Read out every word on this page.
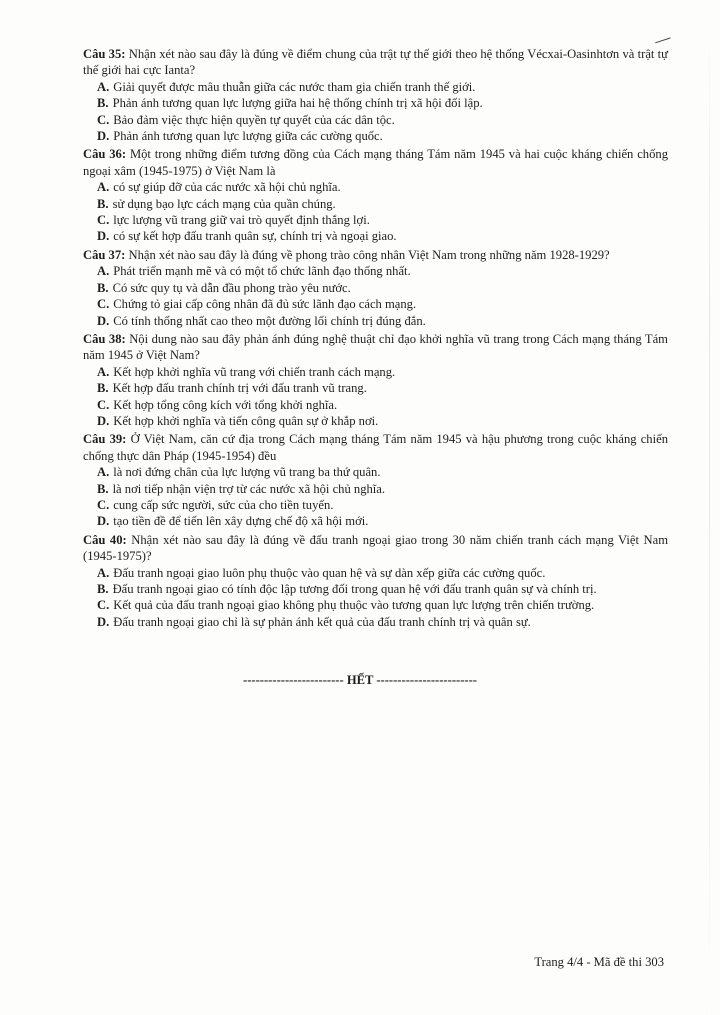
Câu 35: Nhận xét nào sau đây là đúng về điểm chung của trật tự thế giới theo hệ thống Vécxai-Oasinhtơn và trật tự thế giới hai cực Ianta?

A. Giải quyết được mâu thuẫn giữa các nước tham gia chiến tranh thế giới.

B. Phản ánh tương quan lực lượng giữa hai hệ thống chính trị xã hội đối lập.

C. Bảo đảm việc thực hiện quyền tự quyết của các dân tộc.

D. Phản ánh tương quan lực lượng giữa các cường quốc.

Câu 36: Một trong những điểm tương đồng của Cách mạng tháng Tám năm 1945 và hai cuộc kháng chiến chống ngoại xâm (1945-1975) ở Việt Nam là

A. có sự giúp đỡ của các nước xã hội chủ nghĩa.

B. sử dụng bạo lực cách mạng của quần chúng.

C. lực lượng vũ trang giữ vai trò quyết định thắng lợi.

D. có sự kết hợp đấu tranh quân sự, chính trị và ngoại giao.

Câu 37: Nhận xét nào sau đây là đúng về phong trào công nhân Việt Nam trong những năm 1928-1929?

A. Phát triển mạnh mẽ và có một tổ chức lãnh đạo thống nhất.

B. Có sức quy tụ và dẫn đầu phong trào yêu nước.

C. Chứng tỏ giai cấp công nhân đã đủ sức lãnh đạo cách mạng.

D. Có tính thống nhất cao theo một đường lối chính trị đúng đắn.

Câu 38: Nội dung nào sau đây phản ánh đúng nghệ thuật chỉ đạo khởi nghĩa vũ trang trong Cách mạng tháng Tám năm 1945 ở Việt Nam?

A. Kết hợp khởi nghĩa vũ trang với chiến tranh cách mạng.

B. Kết hợp đấu tranh chính trị với đấu tranh vũ trang.

C. Kết hợp tổng công kích với tổng khởi nghĩa.

D. Kết hợp khởi nghĩa và tiến công quân sự ở khắp nơi.

Câu 39: Ở Việt Nam, căn cứ địa trong Cách mạng tháng Tám năm 1945 và hậu phương trong cuộc kháng chiến chống thực dân Pháp (1945-1954) đều

A. là nơi đứng chân của lực lượng vũ trang ba thứ quân.

B. là nơi tiếp nhận viện trợ từ các nước xã hội chủ nghĩa.

C. cung cấp sức người, sức của cho tiền tuyến.

D. tạo tiền đề để tiến lên xây dựng chế độ xã hội mới.

Câu 40: Nhận xét nào sau đây là đúng về đấu tranh ngoại giao trong 30 năm chiến tranh cách mạng Việt Nam (1945-1975)?

A. Đấu tranh ngoại giao luôn phụ thuộc vào quan hệ và sự dàn xếp giữa các cường quốc.

B. Đấu tranh ngoại giao có tính độc lập tương đối trong quan hệ với đấu tranh quân sự và chính trị.

C. Kết quả của đấu tranh ngoại giao không phụ thuộc vào tương quan lực lượng trên chiến trường.

D. Đấu tranh ngoại giao chỉ là sự phản ánh kết quả của đấu tranh chính trị và quân sự.

------------------------ HẾT ------------------------
Trang 4/4 - Mã đề thi 303
